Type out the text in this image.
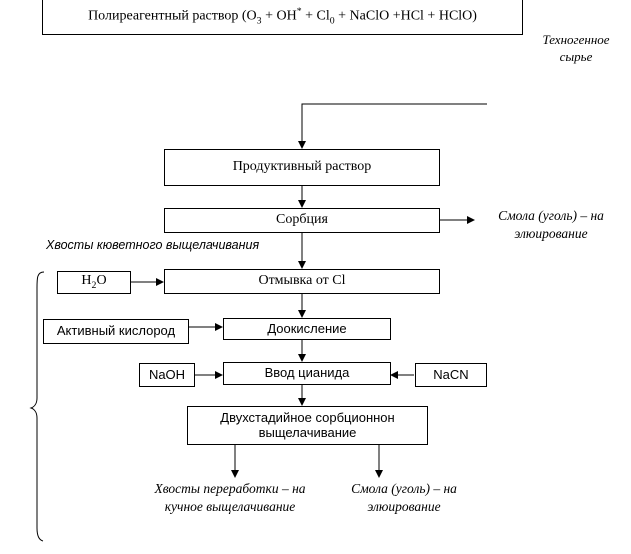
Полиреагентный раствор ($O_3 + OH^* + Cl_0$ + NaClO +HCl + HClO)
Техногенное сырье
Продуктивный раствор
Сорбция	Смола (уголь) – на элюирование
Хвосты кюветного выщелачивания
$H_2O$	Отмывка от Cl
Активный кислород	Доокисление
NaOH	Ввод цианида	NaCN
Двухстадийное сорбционнон выщелачивание
Хвосты переработки – на кучное выщелачивание
Смола (уголь) – на элюирование
